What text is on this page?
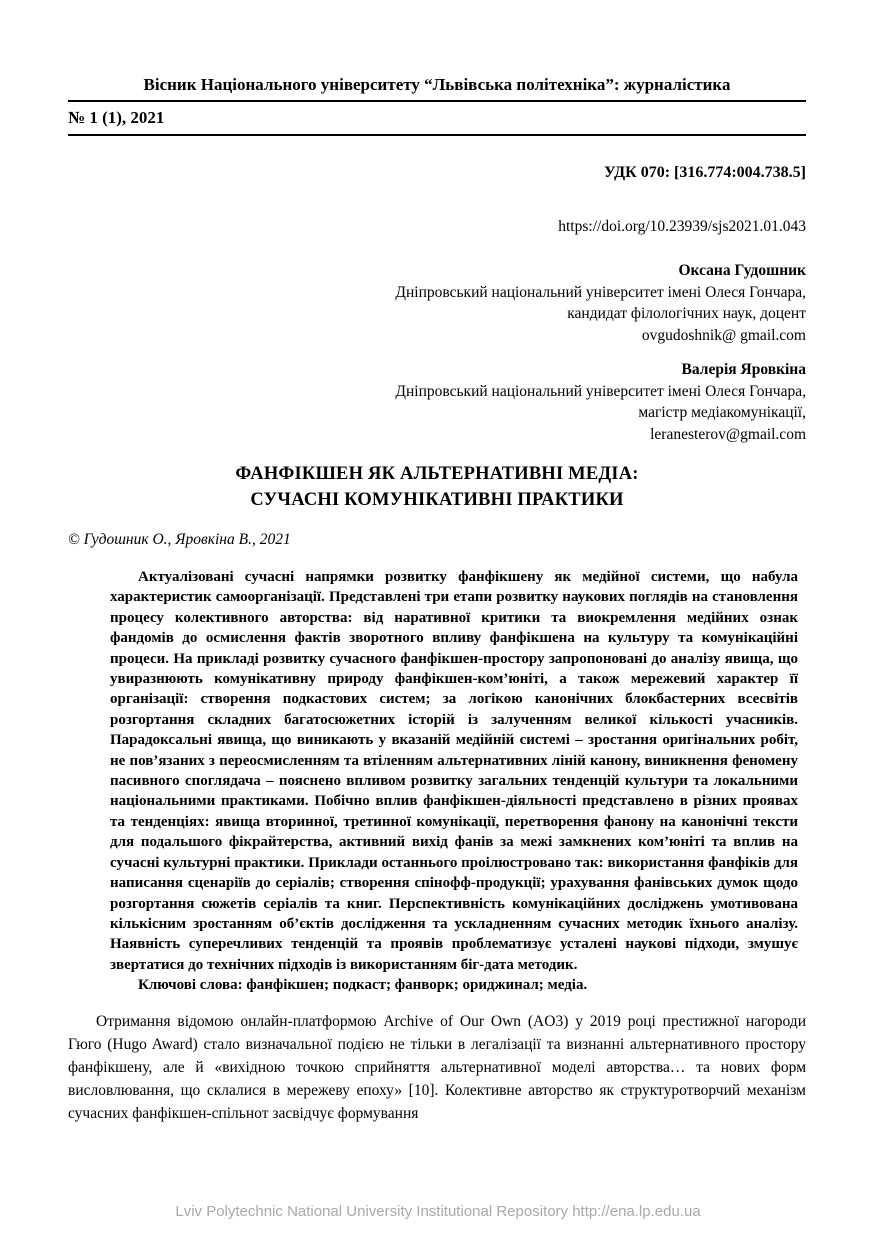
Вісник Національного університету “Львівська політехніка”: журналістика
№ 1 (1), 2021
УДК 070: [316.774:004.738.5]
https://doi.org/10.23939/sjs2021.01.043
Оксана Гудошник
Дніпровський національний університет імені Олеся Гончара,
кандидат філологічних наук, доцент
ovgudoshnik@ gmail.com
Валерія Яровкіна
Дніпровський національний університет імені Олеся Гончара,
магістр медіакомунікації,
leranesterov@gmail.com
ФАНФІКШЕН ЯК АЛЬТЕРНАТИВНІ МЕДІА:
СУЧАСНІ КОМУНІКАТИВНІ ПРАКТИКИ
© Гудошник О., Яровкіна В., 2021

Актуалізовані сучасні напрямки розвитку фанфікшену як медійної системи, що набула характеристик самоорганізації. Представлені три етапи розвитку наукових поглядів на становлення процесу колективного авторства: від наративної критики та виокремлення медійних ознак фандомів до осмислення фактів зворотного впливу фанфікшена на культуру та комунікаційні процеси. На прикладі розвитку сучасного фанфікшен-простору запропоновані до аналізу явища, що увиразнюють комунікативну природу фанфікшен-ком’юніті, а також мережевий характер її організації: створення подкастових систем; за логікою канонічних блокбастерних всесвітів розгортання складних багатосюжетних історій із залученням великої кількості учасників. Парадоксальні явища, що виникають у вказаній медійній системі – зростання оригінальних робіт, не пов’язаних з переосмисленням та втіленням альтернативних ліній канону, виникнення феномену пасивного споглядача – пояснено впливом розвитку загальних тенденцій культури та локальними національними практиками. Побічно вплив фанфікшен-діяльності представлено в різних проявах та тенденціях: явища вторинної, третинної комунікації, перетворення фанону на канонічні тексти для подальшого фікрайтерства, активний вихід фанів за межі замкнених ком’юніті та вплив на сучасні культурні практики. Приклади останнього проілюстровано так: використання фанфіків для написання сценаріїв до серіалів; створення спінофф-продукції; урахування фанівських думок щодо розгортання сюжетів серіалів та книг. Перспективність комунікаційних досліджень умотивована кількісним зростанням об’єктів дослідження та ускладненням сучасних методик їхнього аналізу. Наявність суперечливих тенденцій та проявів проблематизує усталені наукові підходи, змушує звертатися до технічних підходів із використанням біг-дата методик.

Ключові слова: фанфікшен; подкаст; фанворк; ориджинал; медіа.

Отримання відомою онлайн-платформою Archive of Our Own (AO3) у 2019 році престижної нагороди Гюго (Hugo Award) стало визначальної подією не тільки в легалізації та визнанні альтернативного простору фанфікшену, але й «вихідною точкою сприйняття альтернативної моделі авторства… та нових форм висловлювання, що склалися в мережеву епоху» [10]. Колективне авторство як структуротворчий механізм сучасних фанфікшен-спільнот засвідчує формування

Lviv Polytechnic National University Institutional Repository http://ena.lp.edu.ua
